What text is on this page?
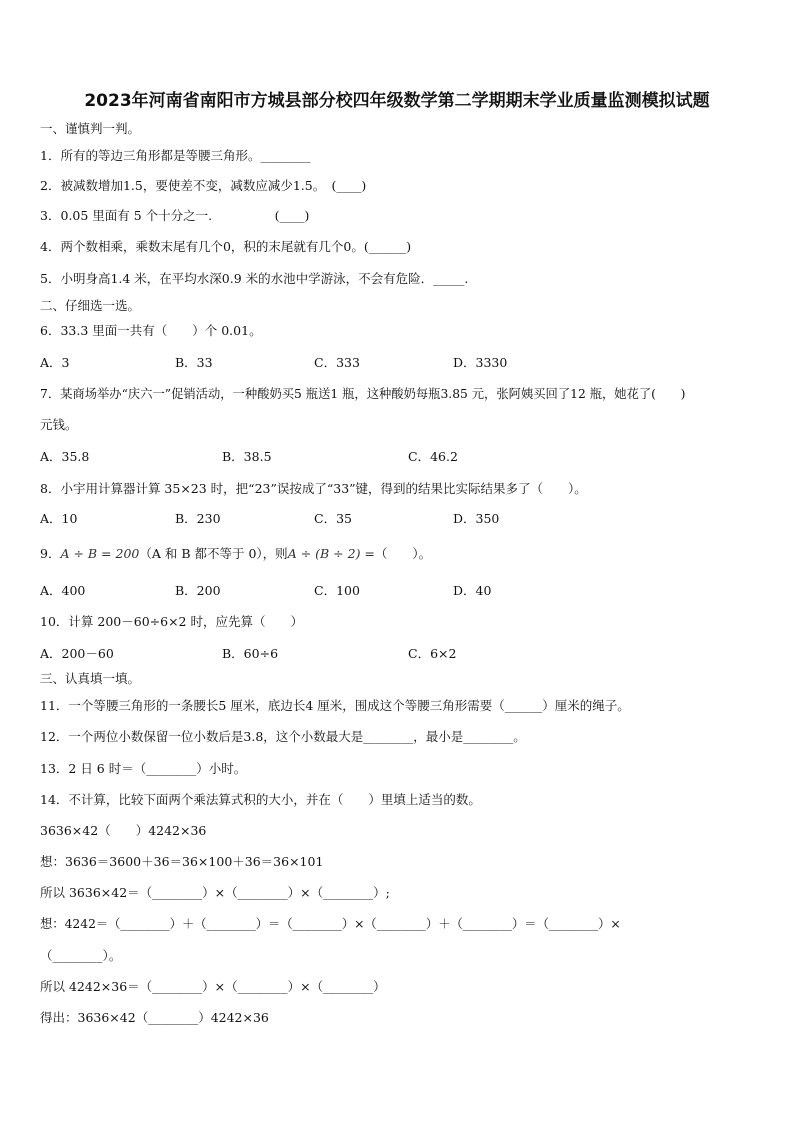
2023年河南省南阳市方城县部分校四年级数学第二学期期末学业质量监测模拟试题
一、谨慎判一判。
1．所有的等边三角形都是等腰三角形。________
2．被减数增加1.5，要使差不变，减数应减少1.5。　(____)
3．0.05 里面有 5 个十分之一.　　　　　(____)
4．两个数相乘，乘数末尾有几个0，积的末尾就有几个0。(______)
5．小明身高1.4 米，在平均水深0.9 米的水池中学游泳，不会有危险．_____.
二、仔细选一选。
6．33.3 里面一共有（　　）个 0.01。
A．3	B．33	C．333	D．3330
7．某商场举办“庆六一”促销活动，一种酸奶买5 瓶送1 瓶，这种酸奶每瓶3.85 元，张阿姨买回了12 瓶，她花了(　　)
元钱。
A．35.8	B．38.5	C．46.2
8．小宇用计算器计算 35×23 时，把“23”误按成了“33”键，得到的结果比实际结果多了（　　）。
A．10	B．230	C．35	D．350
9．A ÷ B = 200（A 和 B 都不等于 0），则A ÷ (B ÷ 2) =（　　）。
A．400	B．200	C．100	D．40
10．计算 200－60÷6×2 时，应先算（　　）
A．200－60	B．60÷6	C．6×2
三、认真填一填。
11．一个等腰三角形的一条腰长5 厘米，底边长4 厘米，围成这个等腰三角形需要（______）厘米的绳子。
12．一个两位小数保留一位小数后是3.8，这个小数最大是________，最小是________。
13．2 日 6 时＝（________）小时。
14．不计算，比较下面两个乘法算式积的大小，并在（　　）里填上适当的数。
3636×42（　　）4242×36
想：3636＝3600＋36＝36×100＋36＝36×101
所以 3636×42＝（________）×（________）×（________）;
想：4242＝（________）＋（________）＝（________）×（________）＋（________）＝（________）×
（________）。
所以 4242×36＝（________）×（________）×（________）
得出：3636×42（________）4242×36
